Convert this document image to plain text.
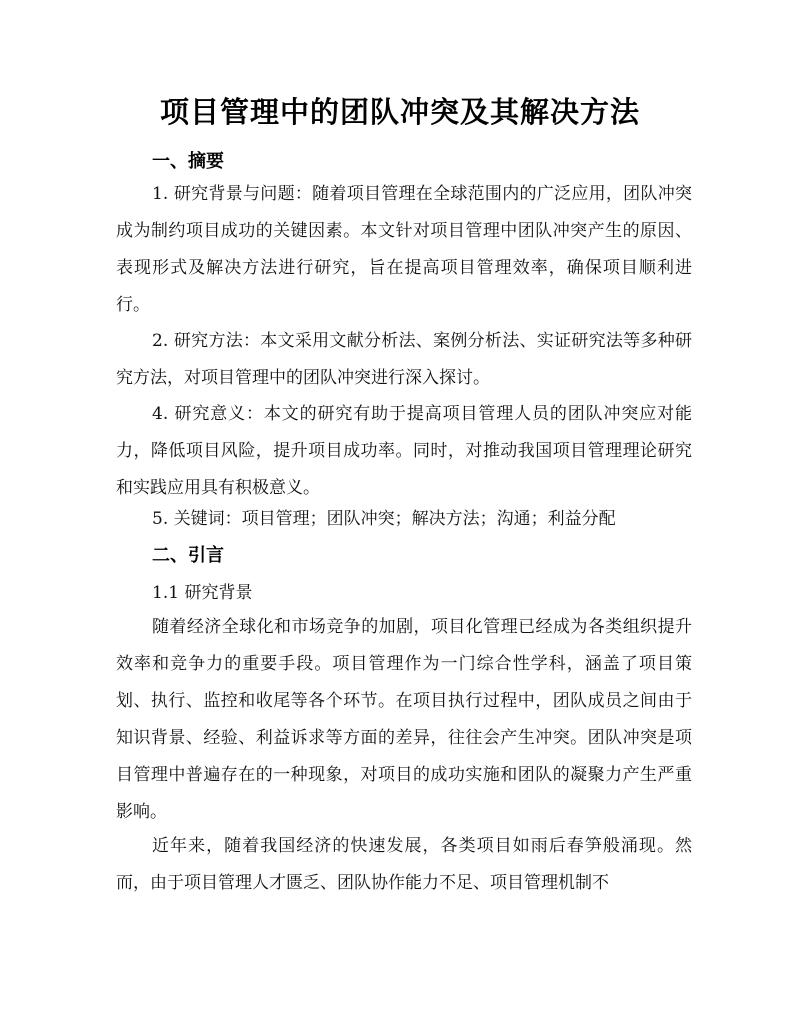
项目管理中的团队冲突及其解决方法
一、摘要

1. 研究背景与问题：随着项目管理在全球范围内的广泛应用，团队冲突成为制约项目成功的关键因素。本文针对项目管理中团队冲突产生的原因、表现形式及解决方法进行研究，旨在提高项目管理效率，确保项目顺利进行。

2. 研究方法：本文采用文献分析法、案例分析法、实证研究法等多种研究方法，对项目管理中的团队冲突进行深入探讨。

4. 研究意义：本文的研究有助于提高项目管理人员的团队冲突应对能力，降低项目风险，提升项目成功率。同时，对推动我国项目管理理论研究和实践应用具有积极意义。

5. 关键词：项目管理；团队冲突；解决方法；沟通；利益分配

二、引言

1.1 研究背景

随着经济全球化和市场竞争的加剧，项目化管理已经成为各类组织提升效率和竞争力的重要手段。项目管理作为一门综合性学科，涵盖了项目策划、执行、监控和收尾等各个环节。在项目执行过程中，团队成员之间由于知识背景、经验、利益诉求等方面的差异，往往会产生冲突。团队冲突是项目管理中普遍存在的一种现象，对项目的成功实施和团队的凝聚力产生严重影响。

近年来，随着我国经济的快速发展，各类项目如雨后春笋般涌现。然而，由于项目管理人才匮乏、团队协作能力不足、项目管理机制不
